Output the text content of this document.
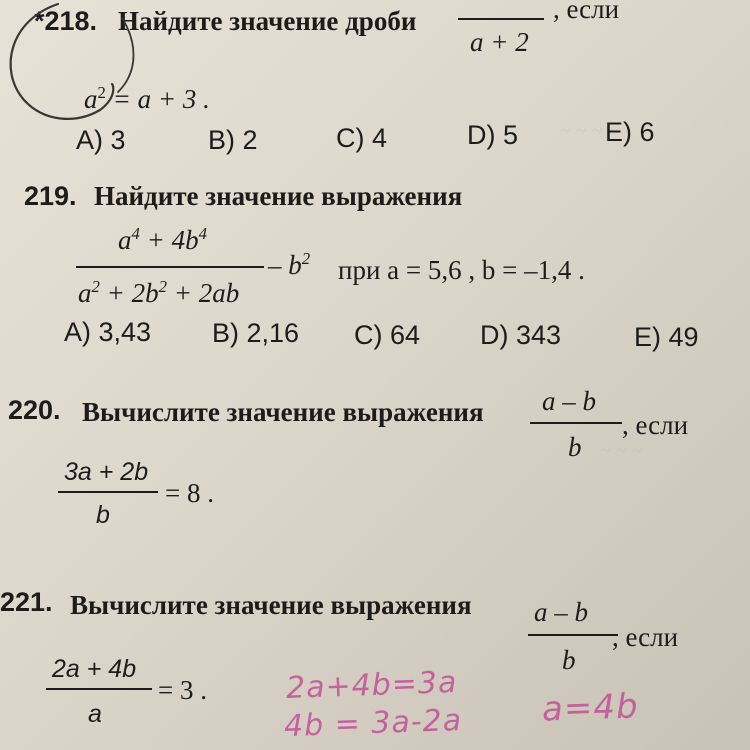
~ ~ ~ ~
~ ~ ~
*218. Найдите значение дроби
a + 2
, если
$a^2 = a + 3$ .
A) 3	B) 2	C) 4	D) 5	E) 6
219. Найдите значение выражения
$a^4 + 4b^4$
$a^2 + 2b^2 + 2ab$
– $b^2$ при a = 5,6 , b = –1,4 .
A) 3,43 B) 2,16 C) 64 D) 343	E) 49
220. Вычислите значение выражения a – b
b
, если
3a + 2b
b
= 8 .
221. Вычислите значение выражения a – b
b
, если
2a + 4b
a
= 3 .	2a+4b=3a
4b = 3a-2a a=4b
